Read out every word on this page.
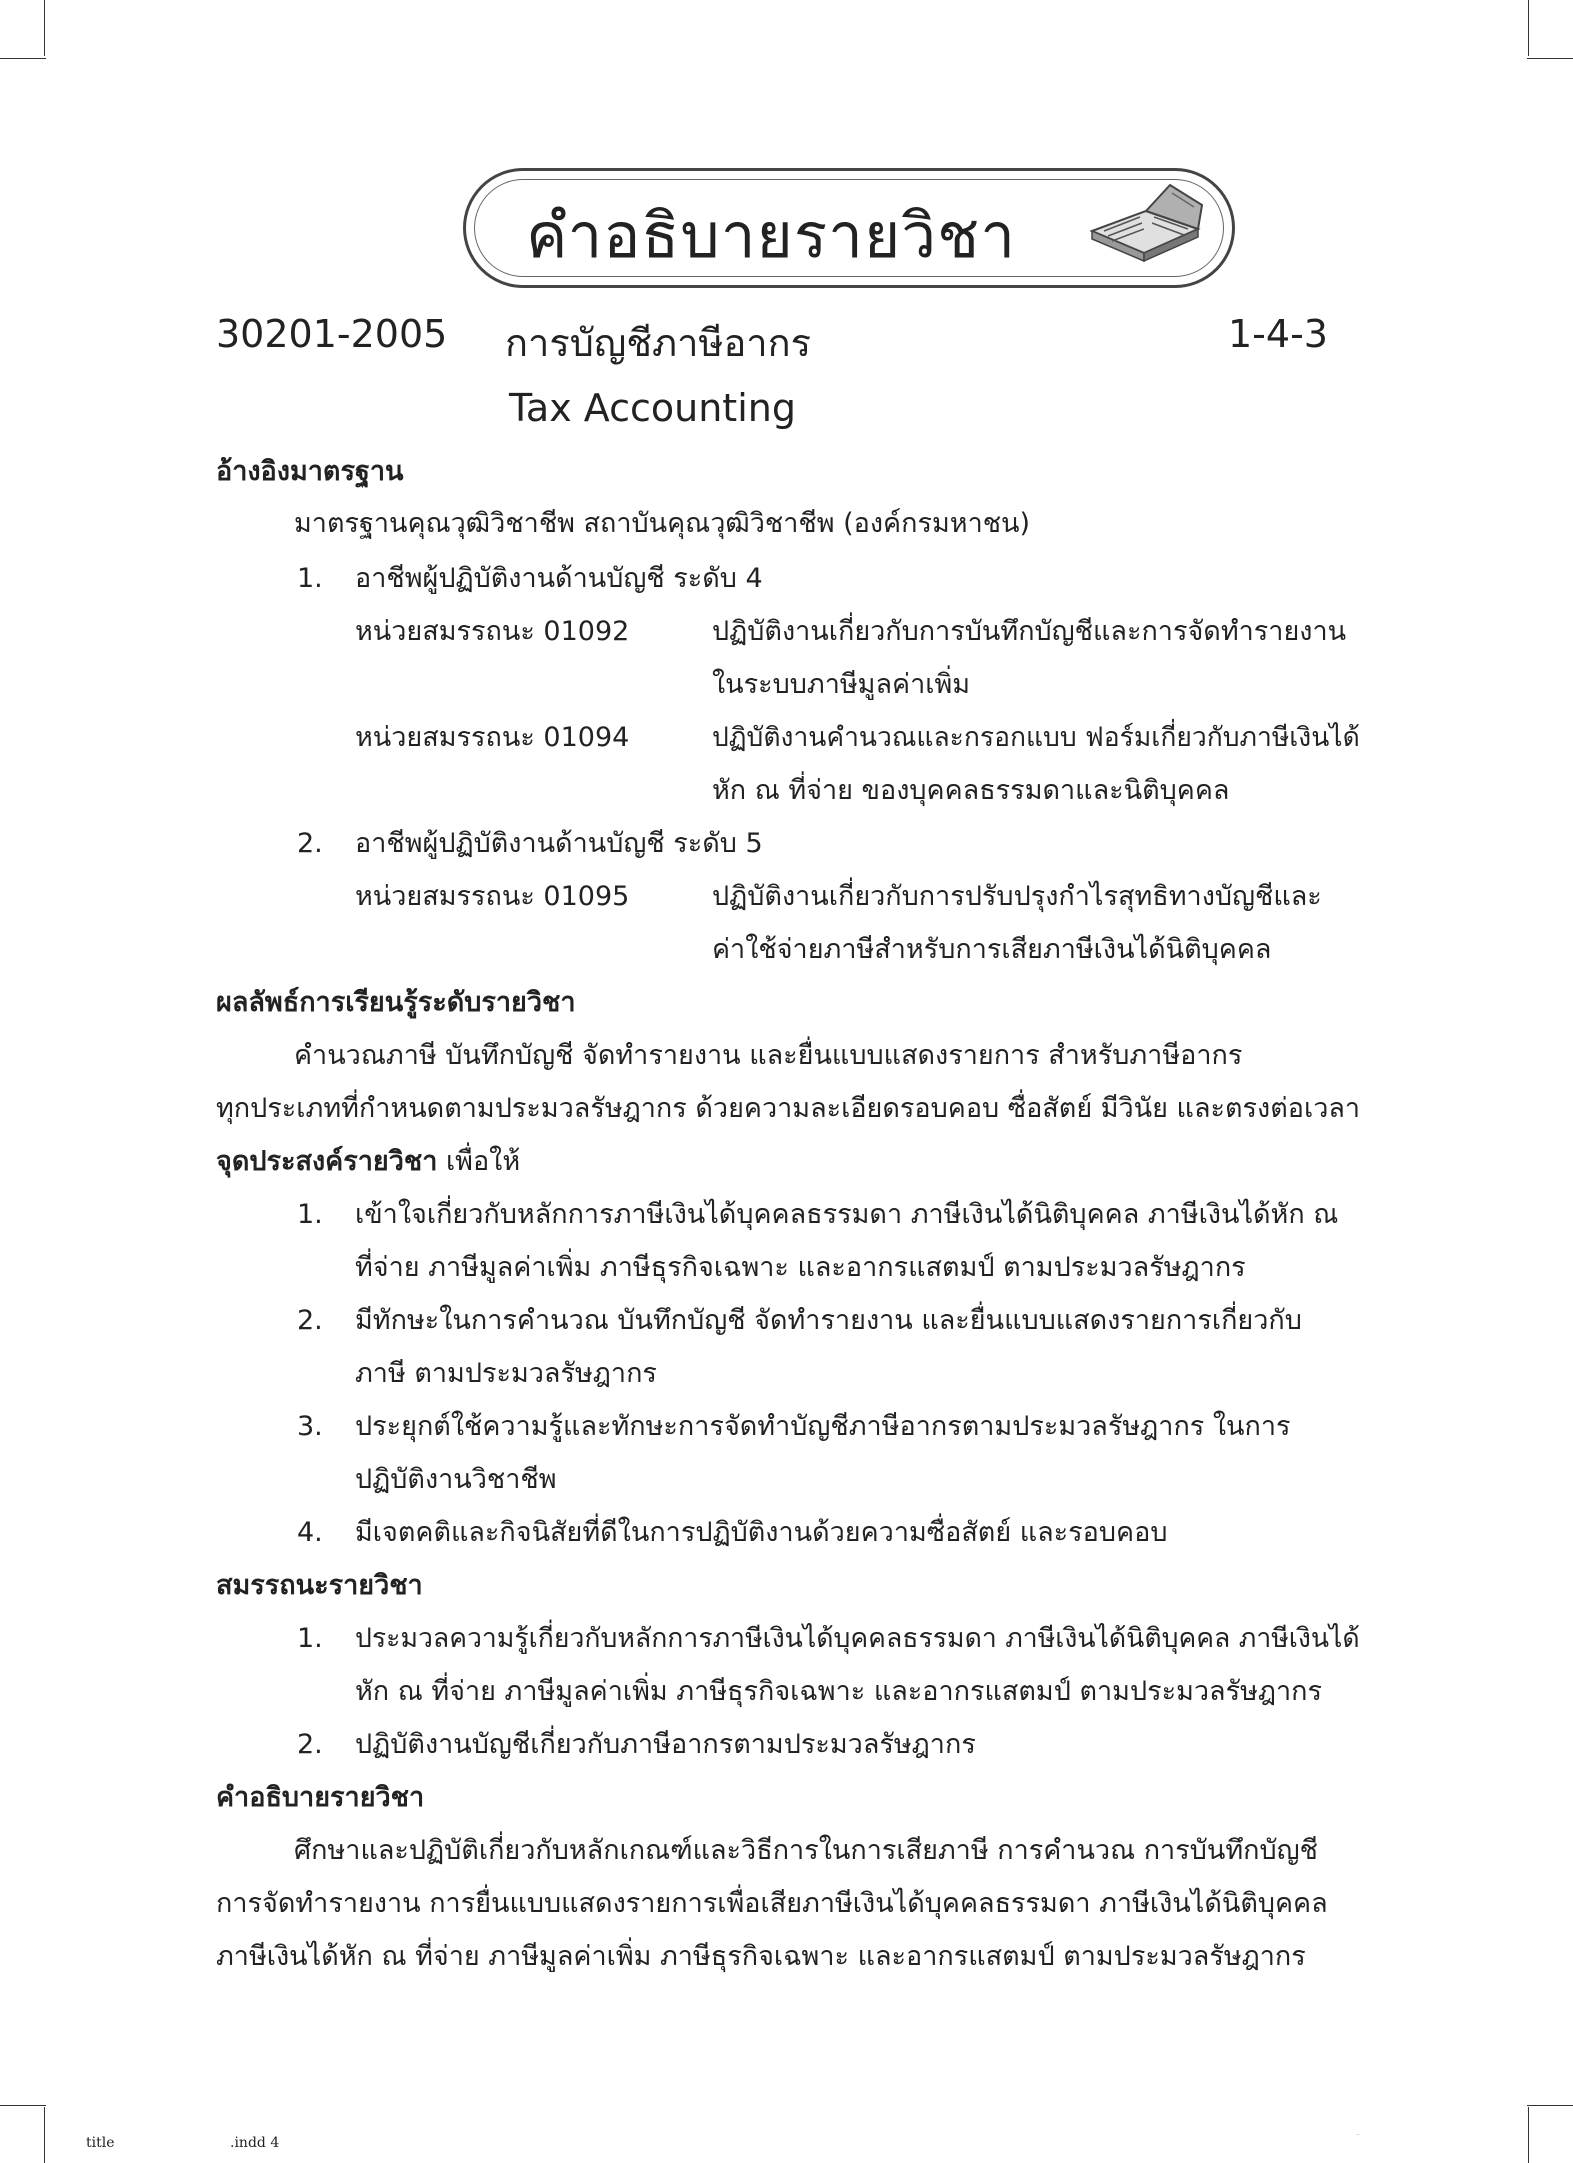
คำอธิบายรายวิชา
30201-2005 การบัญชีภาษีอากร	1-4-3
Tax Accounting
อ้างอิงมาตรฐาน
มาตรฐานคุณวุฒิวิชาชีพ สถาบันคุณวุฒิวิชาชีพ (องค์กรมหาชน)
1. อาชีพผู้ปฏิบัติงานด้านบัญชี ระดับ 4
หน่วยสมรรถนะ 01092	ปฏิบัติงานเกี่ยวกับการบันทึกบัญชีและการจัดทำรายงาน
ในระบบภาษีมูลค่าเพิ่ม
หน่วยสมรรถนะ 01094	ปฏิบัติงานคำนวณและกรอกแบบ ฟอร์มเกี่ยวกับภาษีเงินได้
หัก ณ ที่จ่าย ของบุคคลธรรมดาและนิติบุคคล
2. อาชีพผู้ปฏิบัติงานด้านบัญชี ระดับ 5
หน่วยสมรรถนะ 01095	ปฏิบัติงานเกี่ยวกับการปรับปรุงกำไรสุทธิทางบัญชีและ
ค่าใช้จ่ายภาษีสำหรับการเสียภาษีเงินได้นิติบุคคล
ผลลัพธ์การเรียนรู้ระดับรายวิชา
คำนวณภาษี บันทึกบัญชี จัดทำรายงาน และยื่นแบบแสดงรายการ สำหรับภาษีอากร
ทุกประเภทที่กำหนดตามประมวลรัษฎากร ด้วยความละเอียดรอบคอบ ซื่อสัตย์ มีวินัย และตรงต่อเวลา
จุดประสงค์รายวิชา เพื่อให้
1. เข้าใจเกี่ยวกับหลักการภาษีเงินได้บุคคลธรรมดา ภาษีเงินได้นิติบุคคล ภาษีเงินได้หัก ณ
ที่จ่าย ภาษีมูลค่าเพิ่ม ภาษีธุรกิจเฉพาะ และอากรแสตมป์ ตามประมวลรัษฎากร
2. มีทักษะในการคำนวณ บันทึกบัญชี จัดทำรายงาน และยื่นแบบแสดงรายการเกี่ยวกับ
ภาษี ตามประมวลรัษฎากร
3. ประยุกต์ใช้ความรู้และทักษะการจัดทำบัญชีภาษีอากรตามประมวลรัษฎากร ในการ
ปฏิบัติงานวิชาชีพ
4. มีเจตคติและกิจนิสัยที่ดีในการปฏิบัติงานด้วยความซื่อสัตย์ และรอบคอบ
สมรรถนะรายวิชา
1. ประมวลความรู้เกี่ยวกับหลักการภาษีเงินได้บุคคลธรรมดา ภาษีเงินได้นิติบุคคล ภาษีเงินได้
หัก ณ ที่จ่าย ภาษีมูลค่าเพิ่ม ภาษีธุรกิจเฉพาะ และอากรแสตมป์ ตามประมวลรัษฎากร
2. ปฏิบัติงานบัญชีเกี่ยวกับภาษีอากรตามประมวลรัษฎากร
คำอธิบายรายวิชา
ศึกษาและปฏิบัติเกี่ยวกับหลักเกณฑ์และวิธีการในการเสียภาษี การคำนวณ การบันทึกบัญชี
การจัดทำรายงาน การยื่นแบบแสดงรายการเพื่อเสียภาษีเงินได้บุคคลธรรมดา ภาษีเงินได้นิติบุคคล
ภาษีเงินได้หัก ณ ที่จ่าย ภาษีมูลค่าเพิ่ม ภาษีธุรกิจเฉพาะ และอากรแสตมป์ ตามประมวลรัษฎากร
title	.indd 4
